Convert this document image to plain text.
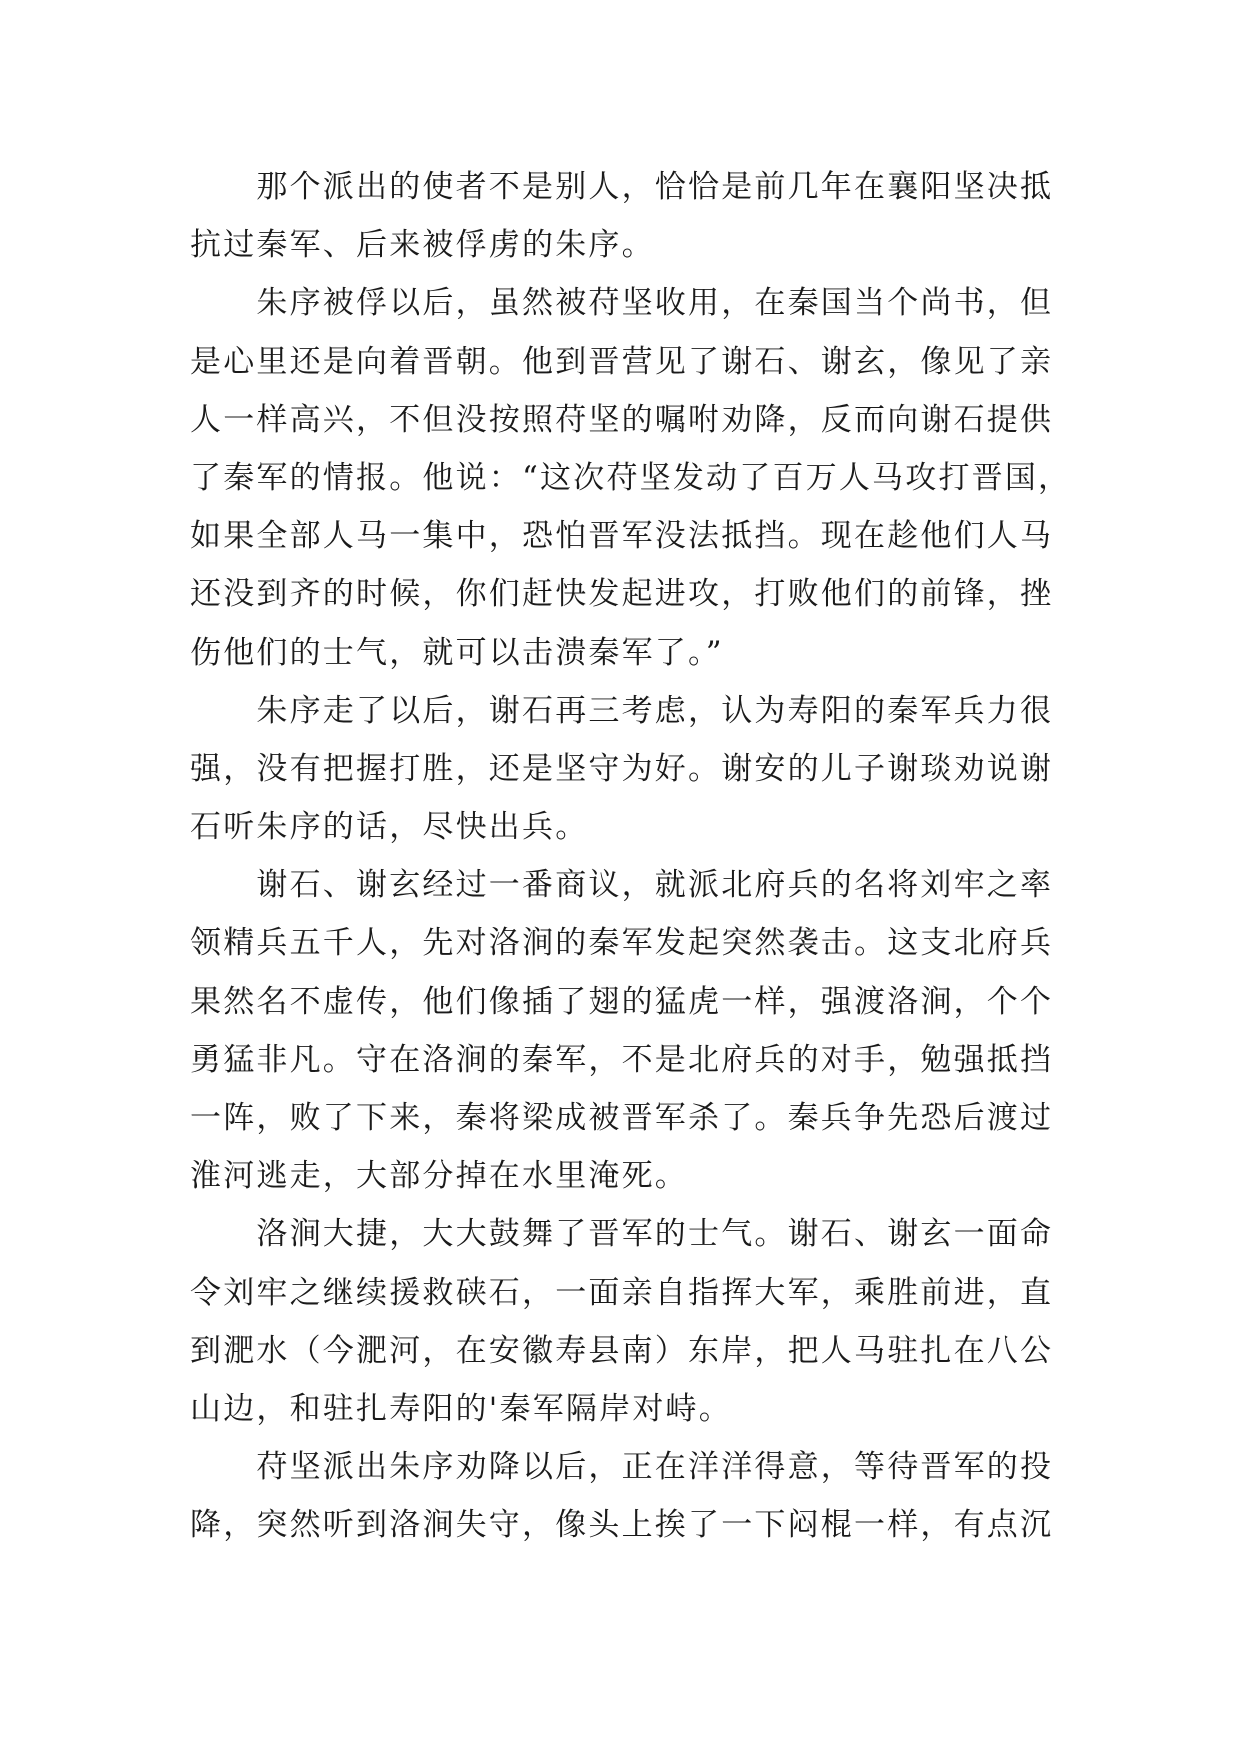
　　那个派出的使者不是别人，恰恰是前几年在襄阳坚决抵
抗过秦军、后来被俘虏的朱序。
　　朱序被俘以后，虽然被苻坚收用，在秦国当个尚书，但
是心里还是向着晋朝。他到晋营见了谢石、谢玄，像见了亲
人一样高兴，不但没按照苻坚的嘱咐劝降，反而向谢石提供
了秦军的情报。他说：“这次苻坚发动了百万人马攻打晋国，
如果全部人马一集中，恐怕晋军没法抵挡。现在趁他们人马
还没到齐的时候，你们赶快发起进攻，打败他们的前锋，挫
伤他们的士气，就可以击溃秦军了。”
　　朱序走了以后，谢石再三考虑，认为寿阳的秦军兵力很
强，没有把握打胜，还是坚守为好。谢安的儿子谢琰劝说谢
石听朱序的话，尽快出兵。
　　谢石、谢玄经过一番商议，就派北府兵的名将刘牢之率
领精兵五千人，先对洛涧的秦军发起突然袭击。这支北府兵
果然名不虚传，他们像插了翅的猛虎一样，强渡洛涧，个个
勇猛非凡。守在洛涧的秦军，不是北府兵的对手，勉强抵挡
一阵，败了下来，秦将梁成被晋军杀了。秦兵争先恐后渡过
淮河逃走，大部分掉在水里淹死。
　　洛涧大捷，大大鼓舞了晋军的士气。谢石、谢玄一面命
令刘牢之继续援救硖石，一面亲自指挥大军，乘胜前进，直
到淝水（今淝河，在安徽寿县南）东岸，把人马驻扎在八公
山边，和驻扎寿阳的'秦军隔岸对峙。
　　苻坚派出朱序劝降以后，正在洋洋得意，等待晋军的投
降，突然听到洛涧失守，像头上挨了一下闷棍一样，有点沉
